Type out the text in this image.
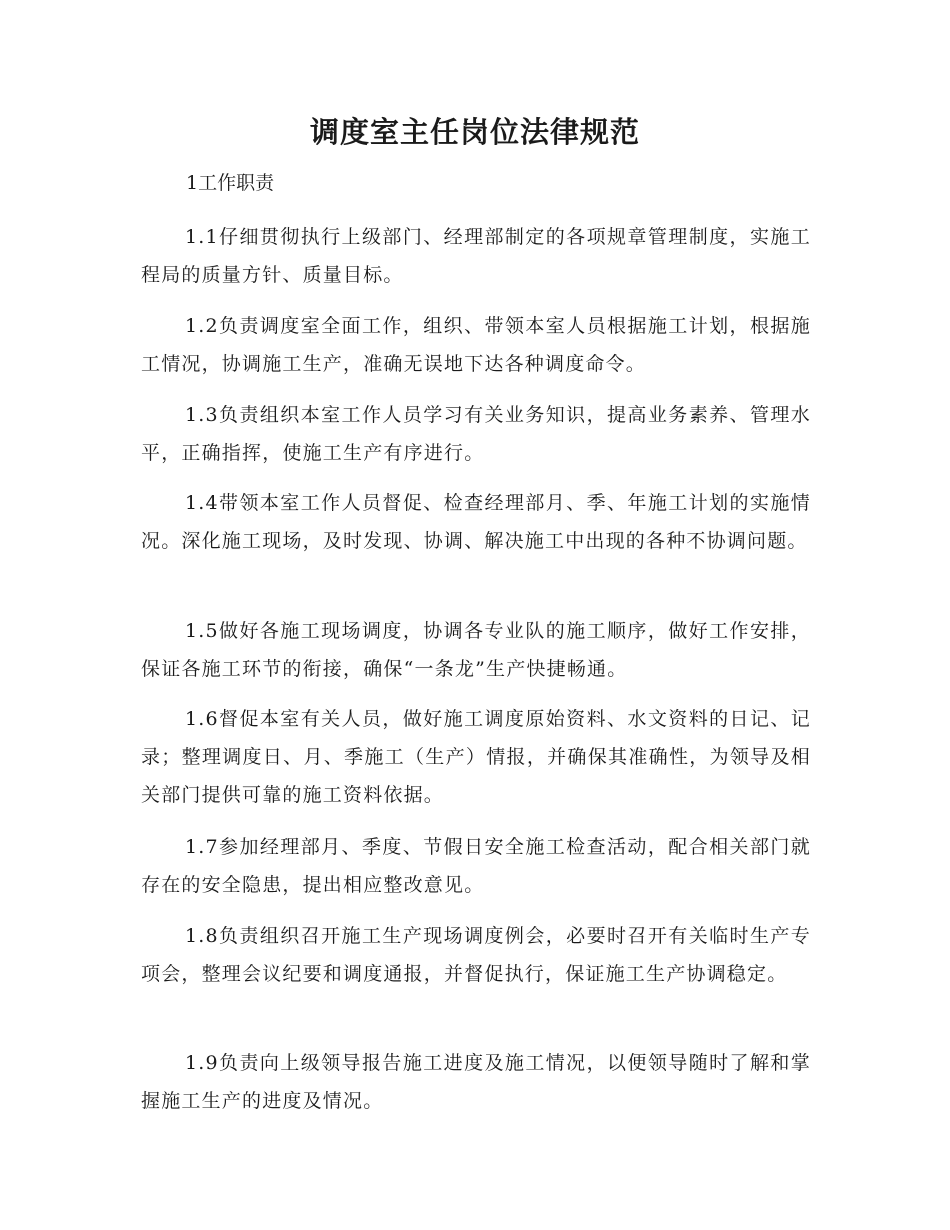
调度室主任岗位法律规范
1工作职责
1.1仔细贯彻执行上级部门、经理部制定的各项规章管理制度，实施工程局的质量方针、质量目标。
1.2负责调度室全面工作，组织、带领本室人员根据施工计划，根据施工情况，协调施工生产，准确无误地下达各种调度命令。
1.3负责组织本室工作人员学习有关业务知识，提高业务素养、管理水平，正确指挥，使施工生产有序进行。
1.4带领本室工作人员督促、检查经理部月、季、年施工计划的实施情况。深化施工现场，及时发现、协调、解决施工中出现的各种不协调问题。
1.5做好各施工现场调度，协调各专业队的施工顺序，做好工作安排，保证各施工环节的衔接，确保“一条龙”生产快捷畅通。
1.6督促本室有关人员，做好施工调度原始资料、水文资料的日记、记录；整理调度日、月、季施工（生产）情报，并确保其准确性，为领导及相关部门提供可靠的施工资料依据。
1.7参加经理部月、季度、节假日安全施工检查活动，配合相关部门就存在的安全隐患，提出相应整改意见。
1.8负责组织召开施工生产现场调度例会，必要时召开有关临时生产专项会，整理会议纪要和调度通报，并督促执行，保证施工生产协调稳定。
1.9负责向上级领导报告施工进度及施工情况，以便领导随时了解和掌握施工生产的进度及情况。
